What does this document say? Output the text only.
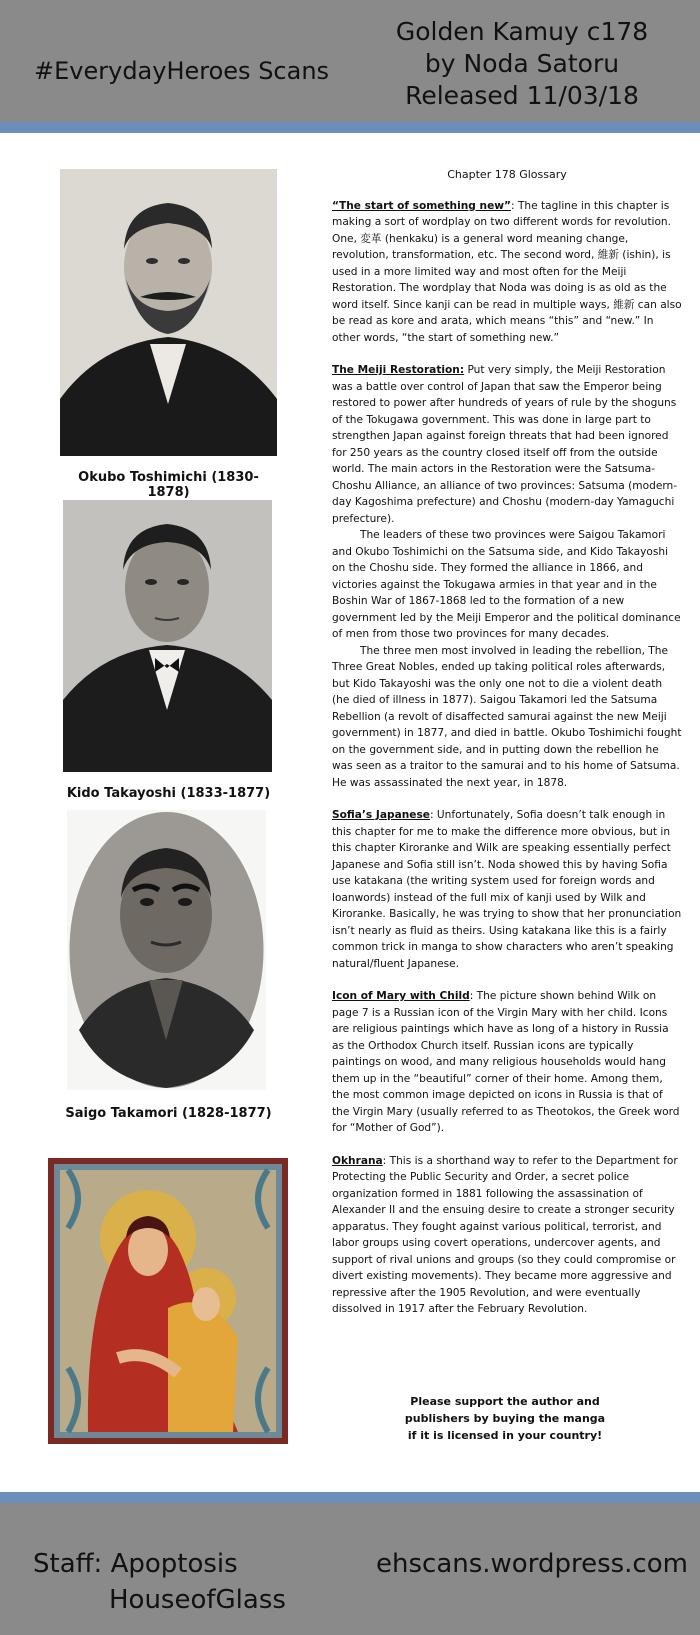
#EverydayHeroes Scans
Golden Kamuy c178
by Noda Satoru
Released 11/03/18
Okubo Toshimichi (1830-1878)
Kido Takayoshi (1833-1877)
Saigo Takamori (1828-1877)
Chapter 178 Glossary
“The start of something new”: The tagline in this chapter is making a sort of wordplay on two different words for revolution. One, 変革 (henkaku) is a general word meaning change, revolution, transformation, etc. The second word, 維新 (ishin), is used in a more limited way and most often for the Meiji Restoration. The wordplay that Noda was doing is as old as the word itself. Since kanji can be read in multiple ways, 維新 can also be read as kore and arata, which means “this” and “new.” In other words, “the start of something new.”
The Meiji Restoration: Put very simply, the Meiji Restoration was a battle over control of Japan that saw the Emperor being restored to power after hundreds of years of rule by the shoguns of the Tokugawa government. This was done in large part to strengthen Japan against foreign threats that had been ignored for 250 years as the country closed itself off from the outside world. The main actors in the Restoration were the Satsuma-Choshu Alliance, an alliance of two provinces: Satsuma (modern-day Kagoshima prefecture) and Choshu (modern-day Yamaguchi prefecture).
The leaders of these two provinces were Saigou Takamori and Okubo Toshimichi on the Satsuma side, and Kido Takayoshi on the Choshu side. They formed the alliance in 1866, and victories against the Tokugawa armies in that year and in the Boshin War of 1867-1868 led to the formation of a new government led by the Meiji Emperor and the political dominance of men from those two provinces for many decades.
The three men most involved in leading the rebellion, The Three Great Nobles, ended up taking political roles afterwards, but Kido Takayoshi was the only one not to die a violent death (he died of illness in 1877). Saigou Takamori led the Satsuma Rebellion (a revolt of disaffected samurai against the new Meiji government) in 1877, and died in battle. Okubo Toshimichi fought on the government side, and in putting down the rebellion he was seen as a traitor to the samurai and to his home of Satsuma. He was assassinated the next year, in 1878.
Sofia’s Japanese: Unfortunately, Sofia doesn’t talk enough in this chapter for me to make the difference more obvious, but in this chapter Kiroranke and Wilk are speaking essentially perfect Japanese and Sofia still isn’t. Noda showed this by having Sofia use katakana (the writing system used for foreign words and loanwords) instead of the full mix of kanji used by Wilk and Kiroranke. Basically, he was trying to show that her pronunciation isn’t nearly as fluid as theirs. Using katakana like this is a fairly common trick in manga to show characters who aren’t speaking natural/fluent Japanese.
Icon of Mary with Child: The picture shown behind Wilk on page 7 is a Russian icon of the Virgin Mary with her child. Icons are religious paintings which have as long of a history in Russia as the Orthodox Church itself. Russian icons are typically paintings on wood, and many religious households would hang them up in the “beautiful” corner of their home. Among them, the most common image depicted on icons in Russia is that of the Virgin Mary (usually referred to as Theotokos, the Greek word for “Mother of God”).
Okhrana: This is a shorthand way to refer to the Department for Protecting the Public Security and Order, a secret police organization formed in 1881 following the assassination of Alexander II and the ensuing desire to create a stronger security apparatus. They fought against various political, terrorist, and labor groups using covert operations, undercover agents, and support of rival unions and groups (so they could compromise or divert existing movements). They became more aggressive and repressive after the 1905 Revolution, and were eventually dissolved in 1917 after the February Revolution.
Please support the author and publishers by buying the manga if it is licensed in your country!
Staff: Apoptosis
HouseofGlass
ehscans.wordpress.com
